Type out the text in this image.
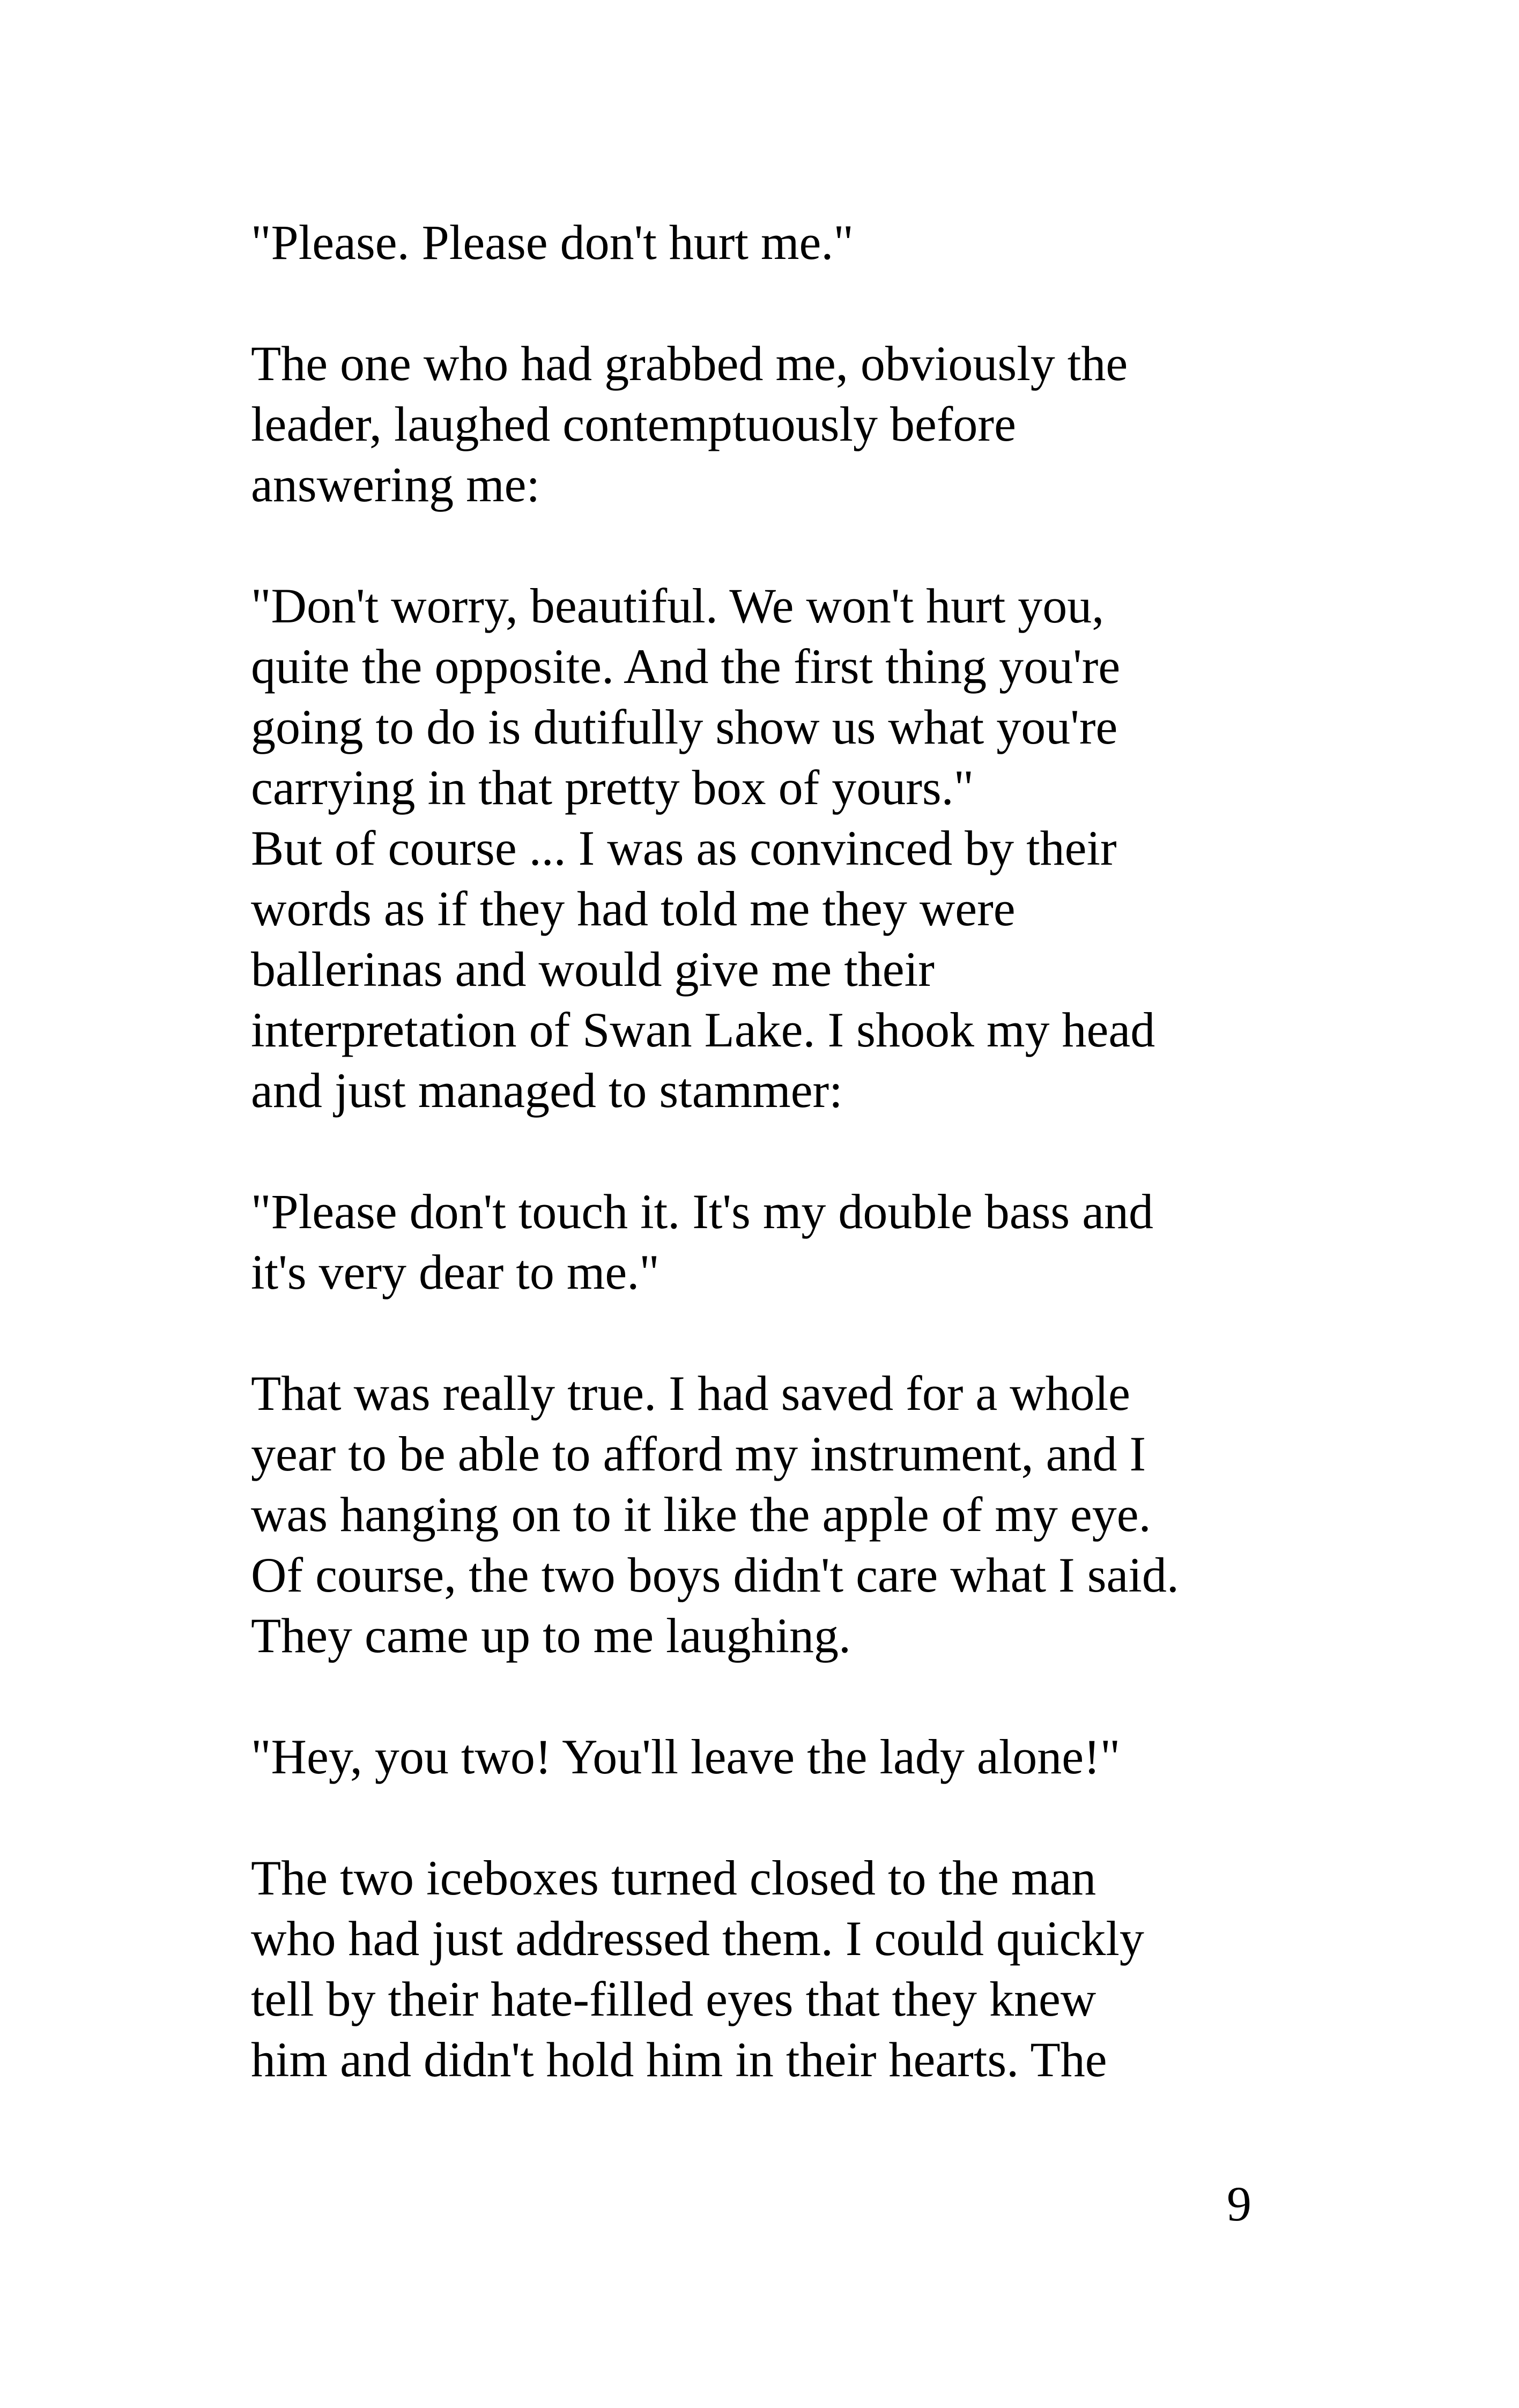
"Please. Please don't hurt me."
The one who had grabbed me, obviously the
leader, laughed contemptuously before
answering me:
"Don't worry, beautiful. We won't hurt you,
quite the opposite. And the first thing you're
going to do is dutifully show us what you're
carrying in that pretty box of yours."
But of course ... I was as convinced by their
words as if they had told me they were
ballerinas and would give me their
interpretation of Swan Lake. I shook my head
and just managed to stammer:
"Please don't touch it. It's my double bass and
it's very dear to me."
That was really true. I had saved for a whole
year to be able to afford my instrument, and I
was hanging on to it like the apple of my eye.
Of course, the two boys didn't care what I said.
They came up to me laughing.
"Hey, you two! You'll leave the lady alone!"
The two iceboxes turned closed to the man
who had just addressed them. I could quickly
tell by their hate-filled eyes that they knew
him and didn't hold him in their hearts. The
9
